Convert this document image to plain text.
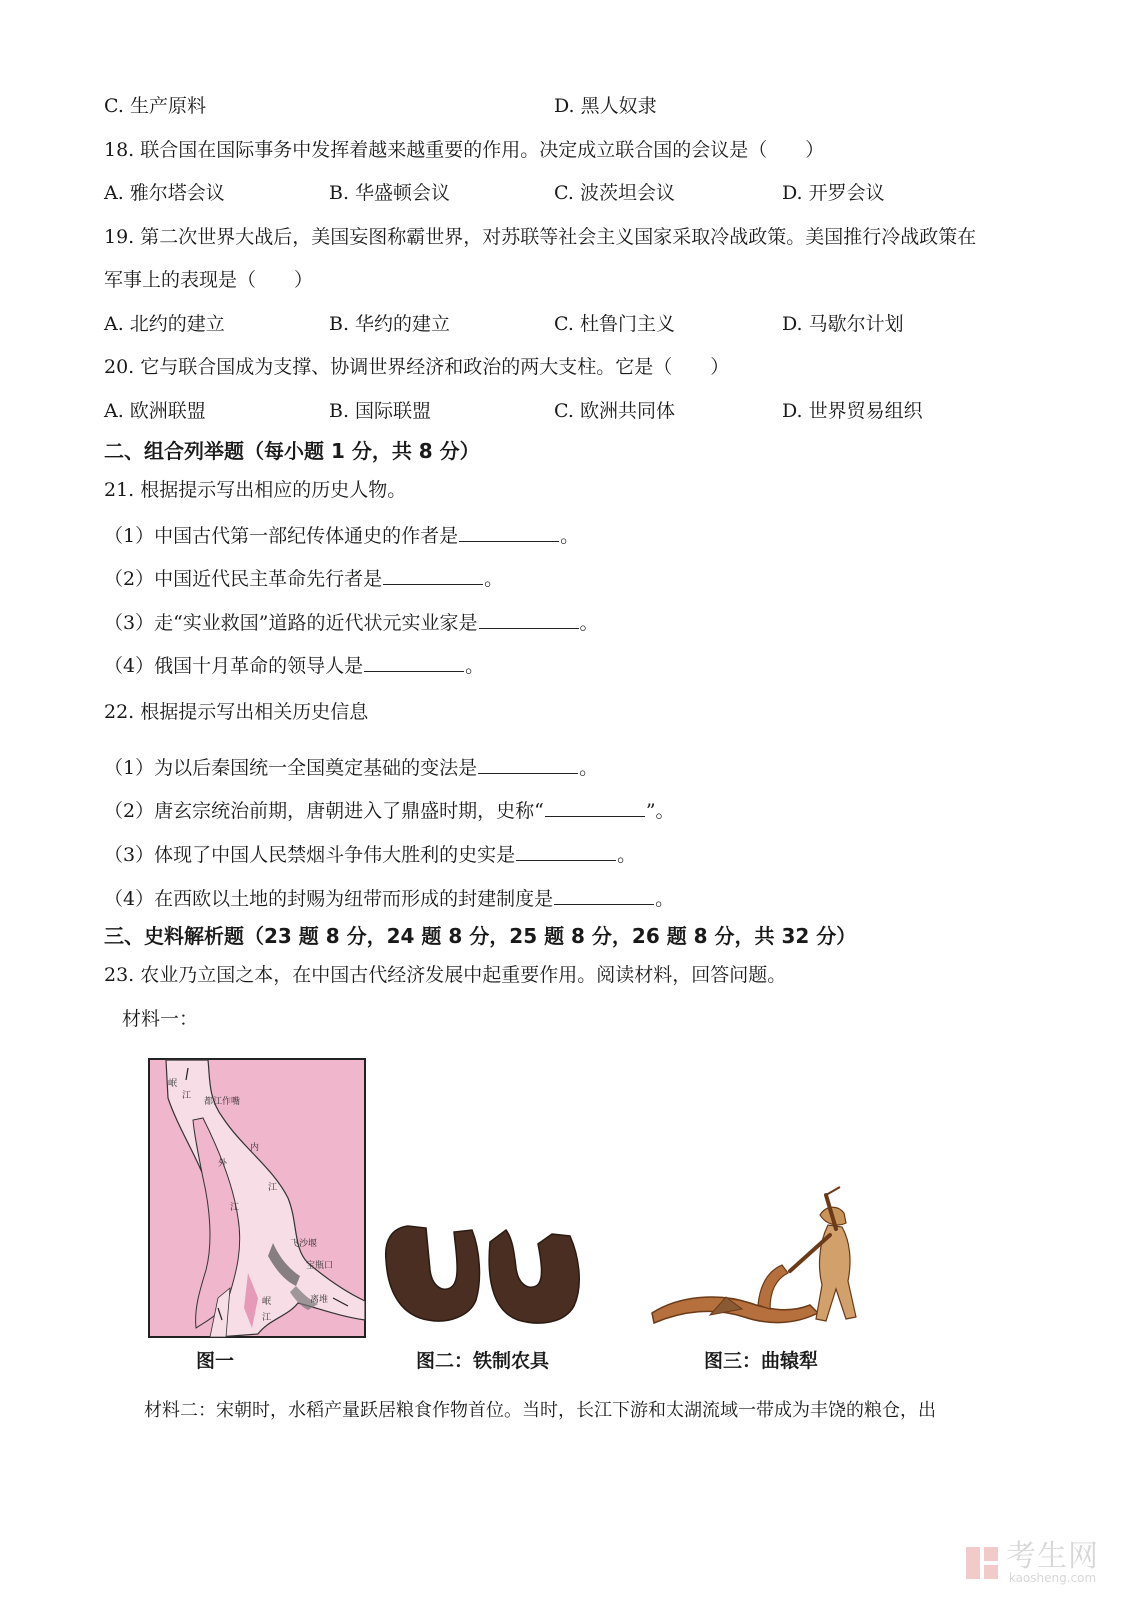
C. 生产原料	D. 黑人奴隶
18. 联合国在国际事务中发挥着越来越重要的作用。决定成立联合国的会议是（　　）
A. 雅尔塔会议	B. 华盛顿会议	C. 波茨坦会议	D. 开罗会议
19. 第二次世界大战后，美国妄图称霸世界，对苏联等社会主义国家采取冷战政策。美国推行冷战政策在
军事上的表现是（　　）
A. 北约的建立	B. 华约的建立	C. 杜鲁门主义	D. 马歇尔计划
20. 它与联合国成为支撑、协调世界经济和政治的两大支柱。它是（　　）
A. 欧洲联盟	B. 国际联盟	C. 欧洲共同体	D. 世界贸易组织
二、组合列举题（每小题 1 分，共 8 分）
21. 根据提示写出相应的历史人物。
（1）中国古代第一部纪传体通史的作者是	。
（2）中国近代民主革命先行者是	。
（3）走“实业救国”道路的近代状元实业家是	。
（4）俄国十月革命的领导人是	。
22. 根据提示写出相关历史信息
（1）为以后秦国统一全国奠定基础的变法是	。
（2）唐玄宗统治前期，唐朝进入了鼎盛时期，史称“	”。
（3）体现了中国人民禁烟斗争伟大胜利的史实是	。
（4）在西欧以土地的封赐为纽带而形成的封建制度是	。
三、史料解析题（23 题 8 分，24 题 8 分，25 题 8 分，26 题 8 分，共 32 分）
23. 农业乃立国之本，在中国古代经济发展中起重要作用。阅读材料，回答问题。
材料一：
岷
江
都江作嘴
外
内
江
江
飞沙堰
宝瓶口
岷
江
离堆
图一	图二：铁制农具	图三：曲辕犁
材料二：宋朝时，水稻产量跃居粮食作物首位。当时，长江下游和太湖流域一带成为丰饶的粮仓，出
考生网
kaosheng.com
